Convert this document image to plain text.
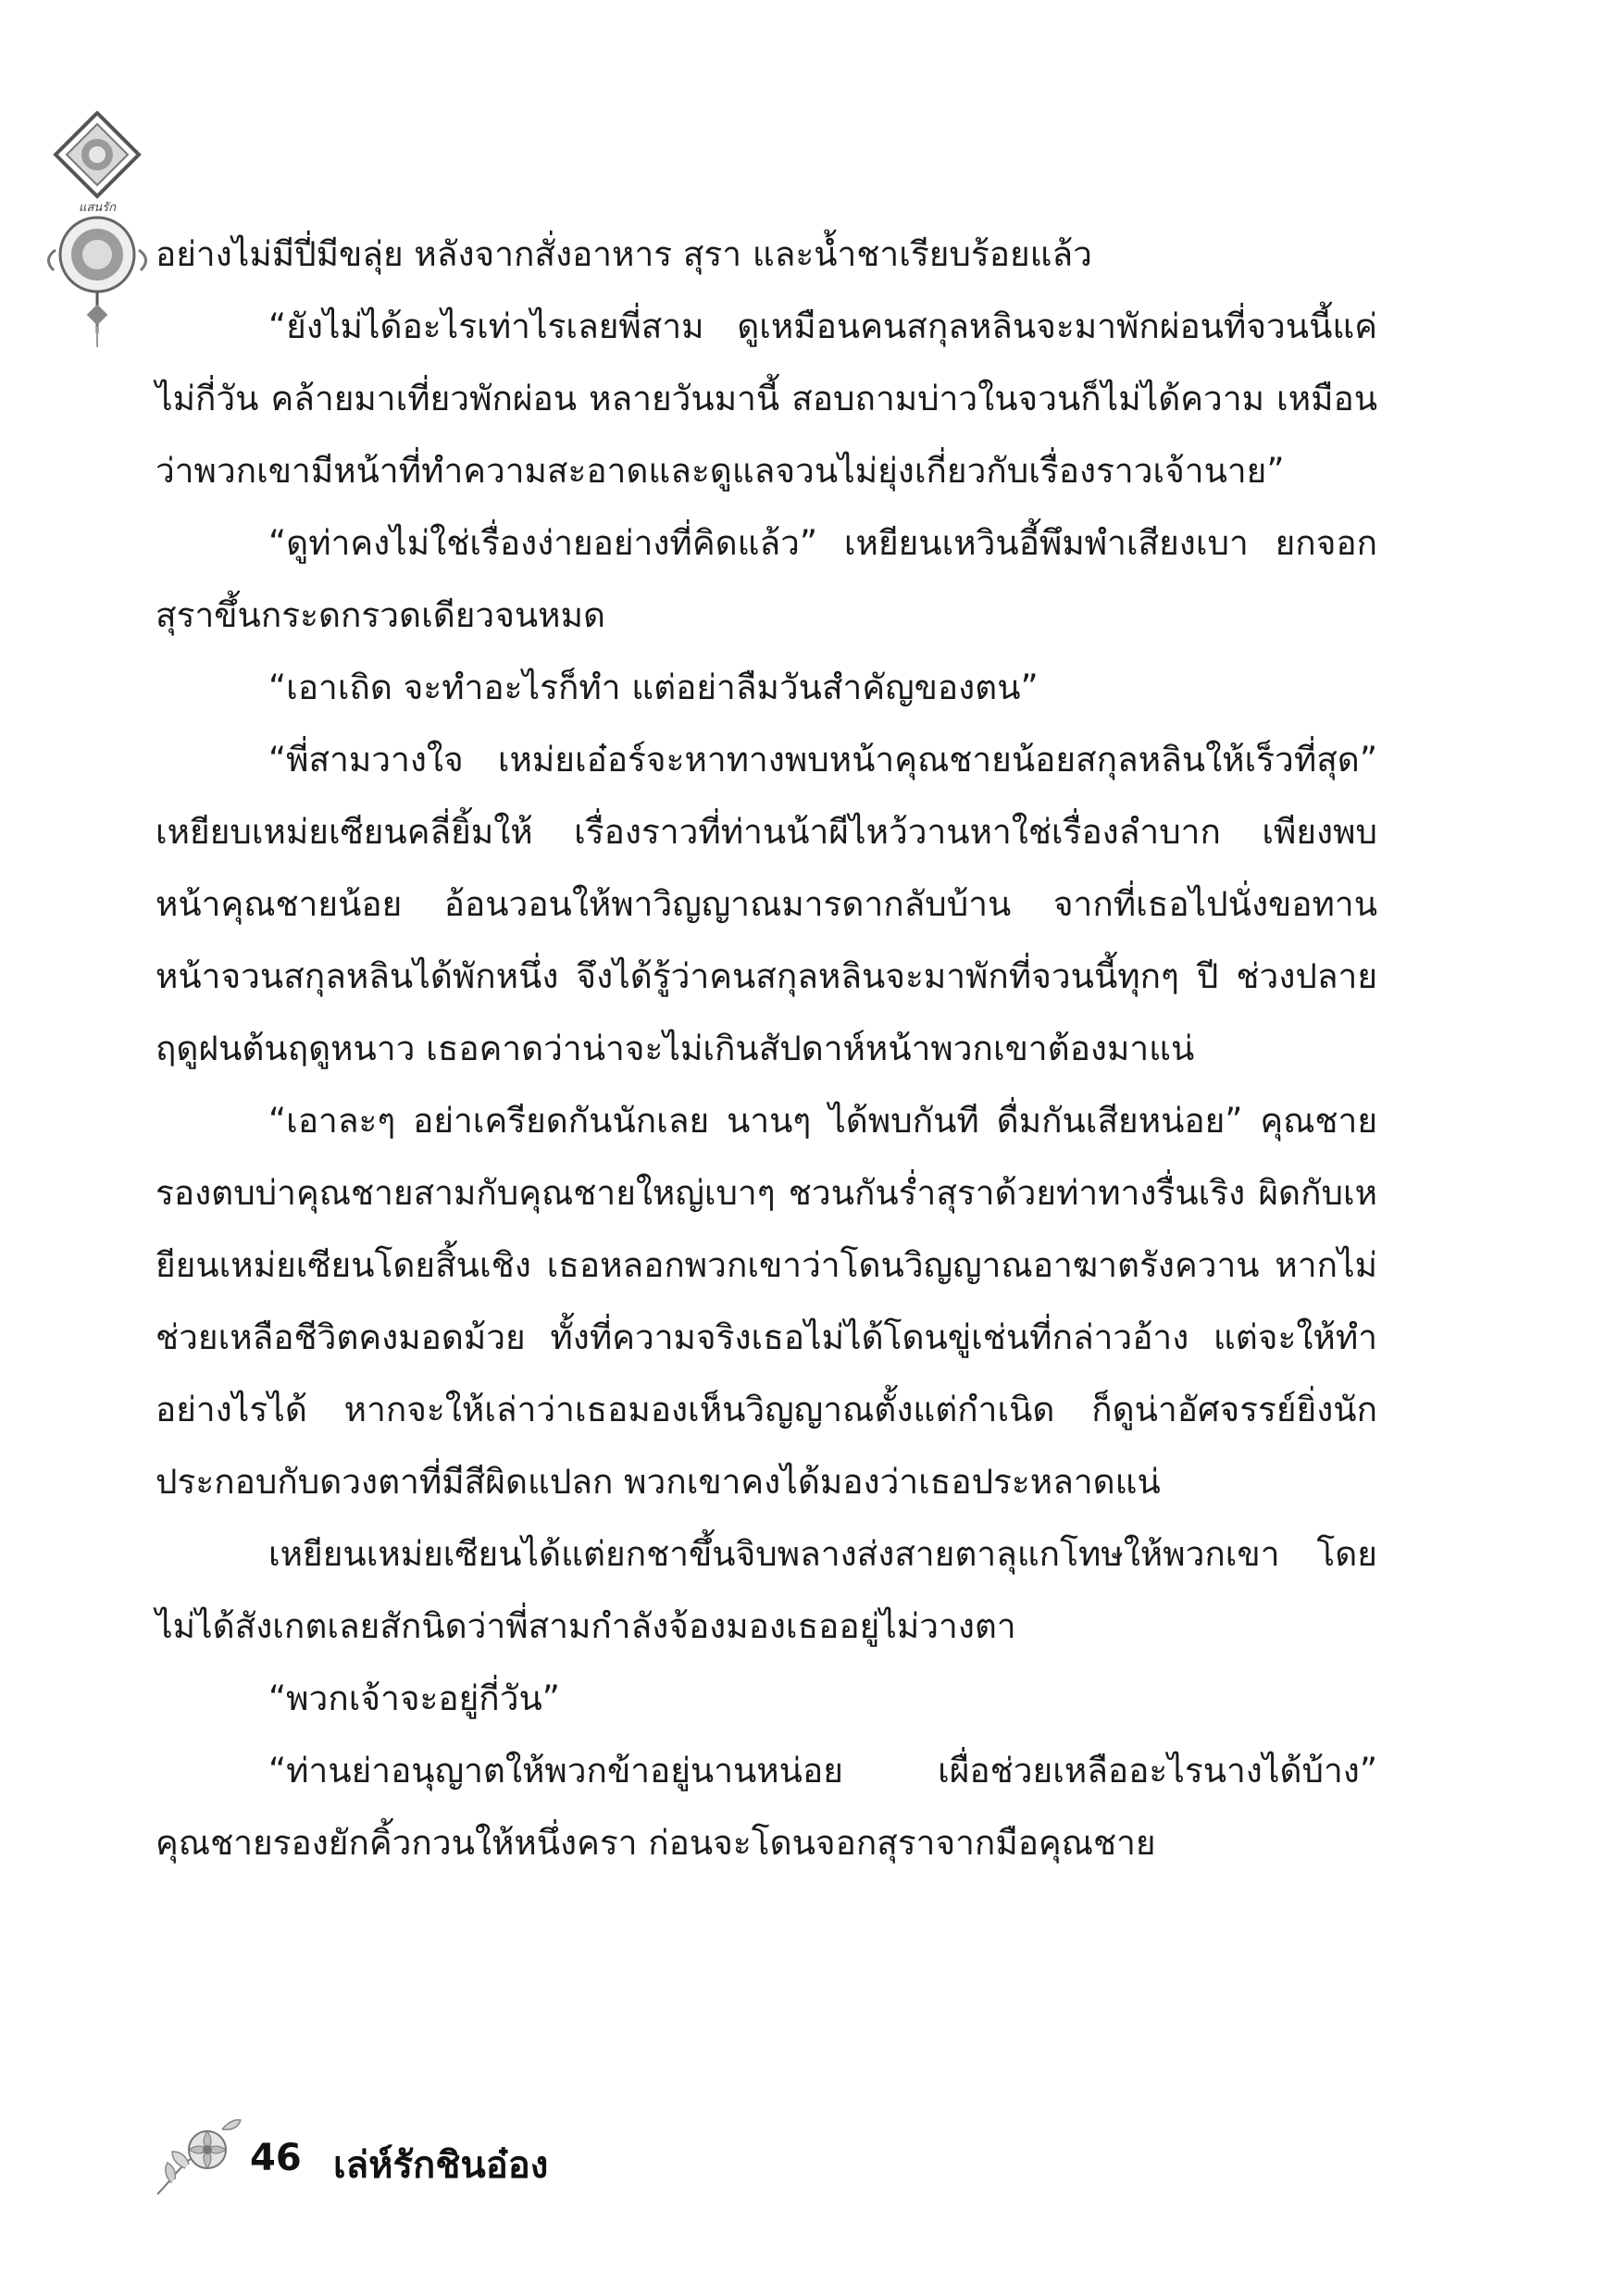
แสนรัก

อย่างไม่มีปี่มีขลุ่ย หลังจากสั่งอาหาร สุรา และน้ำชาเรียบร้อยแล้ว

“ยังไม่ได้อะไรเท่าไรเลยพี่สาม ดูเหมือนคนสกุลหลินจะมาพักผ่อนที่จวนนี้แค่ไม่กี่วัน คล้ายมาเที่ยวพักผ่อน หลายวันมานี้ สอบถามบ่าวในจวนก็ไม่ได้ความ เหมือนว่าพวกเขามีหน้าที่ทำความสะอาดและดูแลจวนไม่ยุ่งเกี่ยวกับเรื่องราวเจ้านาย”

“ดูท่าคงไม่ใช่เรื่องง่ายอย่างที่คิดแล้ว” เหยียนเหวินอี้พึมพำเสียงเบา ยกจอกสุราขึ้นกระดกรวดเดียวจนหมด

“เอาเถิด จะทำอะไรก็ทำ แต่อย่าลืมวันสำคัญของตน”

“พี่สามวางใจ เหม่ยเอ๋อร์จะหาทางพบหน้าคุณชายน้อยสกุลหลินให้เร็วที่สุด” เหยียบเหม่ยเซียนคลี่ยิ้มให้ เรื่องราวที่ท่านน้าผีไหว้วานหาใช่เรื่องลำบาก เพียงพบหน้าคุณชายน้อย อ้อนวอนให้พาวิญญาณมารดากลับบ้าน จากที่เธอไปนั่งขอทานหน้าจวนสกุลหลินได้พักหนึ่ง จึงได้รู้ว่าคนสกุลหลินจะมาพักที่จวนนี้ทุกๆ ปี ช่วงปลายฤดูฝนต้นฤดูหนาว เธอคาดว่าน่าจะไม่เกินสัปดาห์หน้าพวกเขาต้องมาแน่

“เอาละๆ อย่าเครียดกันนักเลย นานๆ ได้พบกันที ดื่มกันเสียหน่อย” คุณชายรองตบบ่าคุณชายสามกับคุณชายใหญ่เบาๆ ชวนกันร่ำสุราด้วยท่าทางรื่นเริง ผิดกับเหยียนเหม่ยเซียนโดยสิ้นเชิง เธอหลอกพวกเขาว่าโดนวิญญาณอาฆาตรังควาน หากไม่ช่วยเหลือชีวิตคงมอดม้วย ทั้งที่ความจริงเธอไม่ได้โดนขู่เช่นที่กล่าวอ้าง แต่จะให้ทำอย่างไรได้ หากจะให้เล่าว่าเธอมองเห็นวิญญาณตั้งแต่กำเนิด ก็ดูน่าอัศจรรย์ยิ่งนัก ประกอบกับดวงตาที่มีสีผิดแปลก พวกเขาคงได้มองว่าเธอประหลาดแน่

เหยียนเหม่ยเซียนได้แต่ยกชาขึ้นจิบพลางส่งสายตาลุแกโทษให้พวกเขา โดยไม่ได้สังเกตเลยสักนิดว่าพี่สามกำลังจ้องมองเธออยู่ไม่วางตา

“พวกเจ้าจะอยู่กี่วัน”

“ท่านย่าอนุญาตให้พวกข้าอยู่นานหน่อย เผื่อช่วยเหลืออะไรนางได้บ้าง” คุณชายรองยักคิ้วกวนให้หนึ่งครา ก่อนจะโดนจอกสุราจากมือคุณชาย

46 เล่ห์รักชินอ๋อง
